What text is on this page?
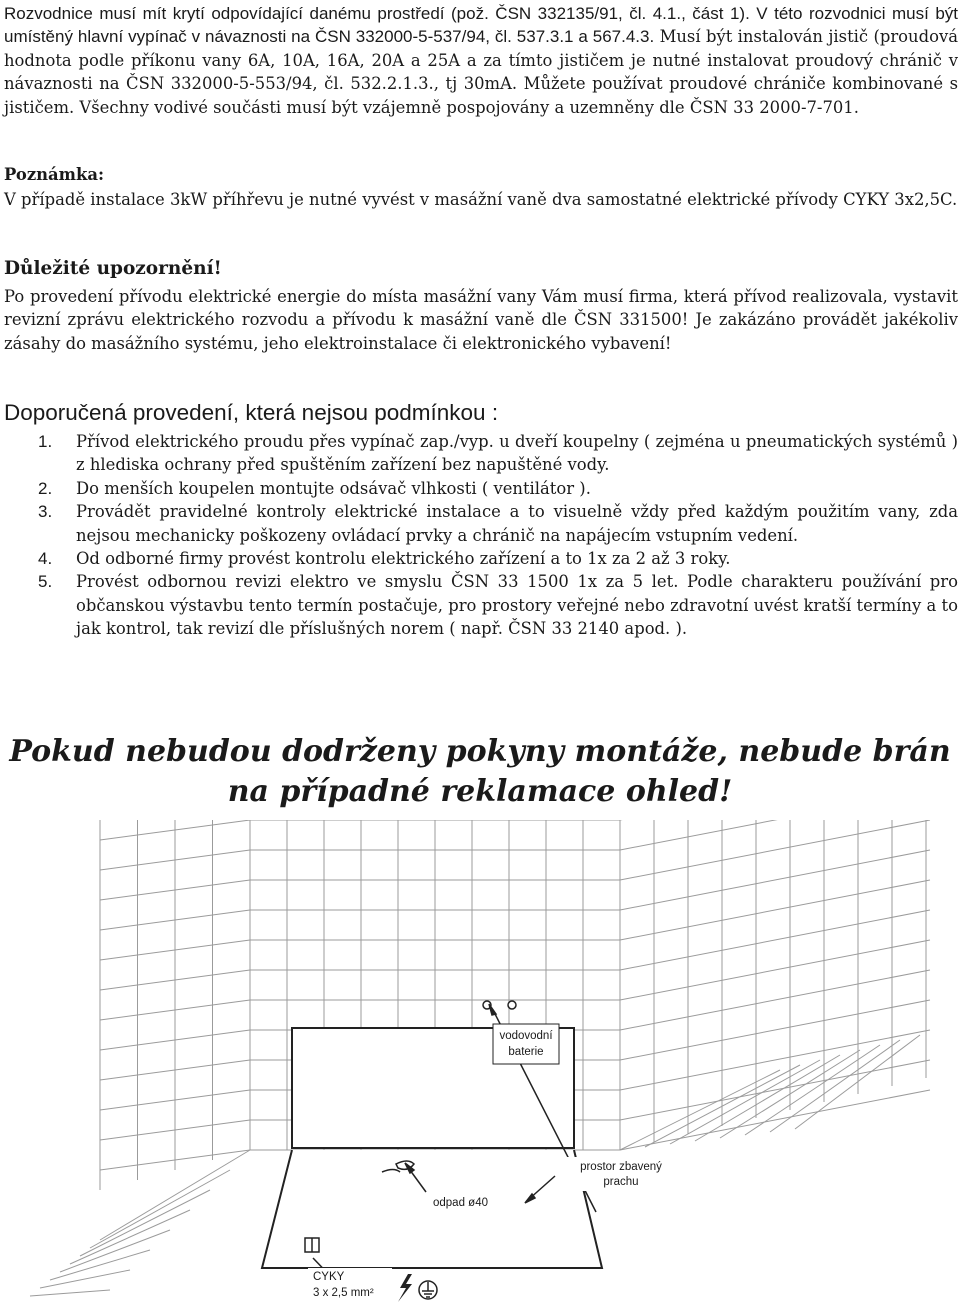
Rozvodnice musí mít krytí odpovídající danému prostředí (pož. ČSN 332135/91, čl. 4.1., část 1). V této rozvodnici musí být umístěný hlavní vypínač v návaznosti na ČSN 332000-5-537/94, čl. 537.3.1 a 567.4.3. Musí být instalován jistič (proudová hodnota podle příkonu vany 6A, 10A, 16A, 20A a 25A a za tímto jističem je nutné instalovat proudový chránič v návaznosti na ČSN 332000-5-553/94, čl. 532.2.1.3., tj 30mA. Můžete používat proudové chrániče kombinované s jističem. Všechny vodivé součásti musí být vzájemně pospojovány a uzemněny dle ČSN 33 2000-7-701.

Poznámka:

V případě instalace 3kW příhřevu je nutné vyvést v masážní vaně dva samostatné elektrické přívody CYKY 3x2,5C.

Důležité upozornění!

Po provedení přívodu elektrické energie do místa masážní vany Vám musí firma, která přívod realizovala, vystavit revizní zprávu elektrického rozvodu a přívodu k masážní vaně dle ČSN 331500! Je zakázáno provádět jakékoliv zásahy do masážního systému, jeho elektroinstalace či elektronického vybavení!

Doporučená provedení, která nejsou podmínkou :

1. Přívod elektrického proudu přes vypínač zap./vyp. u dveří koupelny ( zejména u pneumatických systémů ) z hlediska ochrany před spuštěním zařízení bez napuštěné vody.
2. Do menších koupelen montujte odsávač vlhkosti ( ventilátor ).
3. Provádět pravidelné kontroly elektrické instalace a to visuelně vždy před každým použitím vany, zda nejsou mechanicky poškozeny ovládací prvky a chránič na napájecím vstupním vedení.
4. Od odborné firmy provést kontrolu elektrického zařízení a to 1x za 2 až 3 roky.
5. Provést odbornou revizi elektro ve smyslu ČSN 33 1500 1x za 5 let. Podle charakteru používání pro občanskou výstavbu tento termín postačuje, pro prostory veřejné nebo zdravotní uvést kratší termíny a to jak kontrol, tak revizí dle příslušných norem ( např. ČSN 33 2140 apod. ).

Pokud nebudou dodrženy pokyny montáže, nebude brán
na případné reklamace ohled!

vodovodní
baterie
prostor zbavený
prachu
odpad ø40
CYKY
3 x 2,5 mm²
